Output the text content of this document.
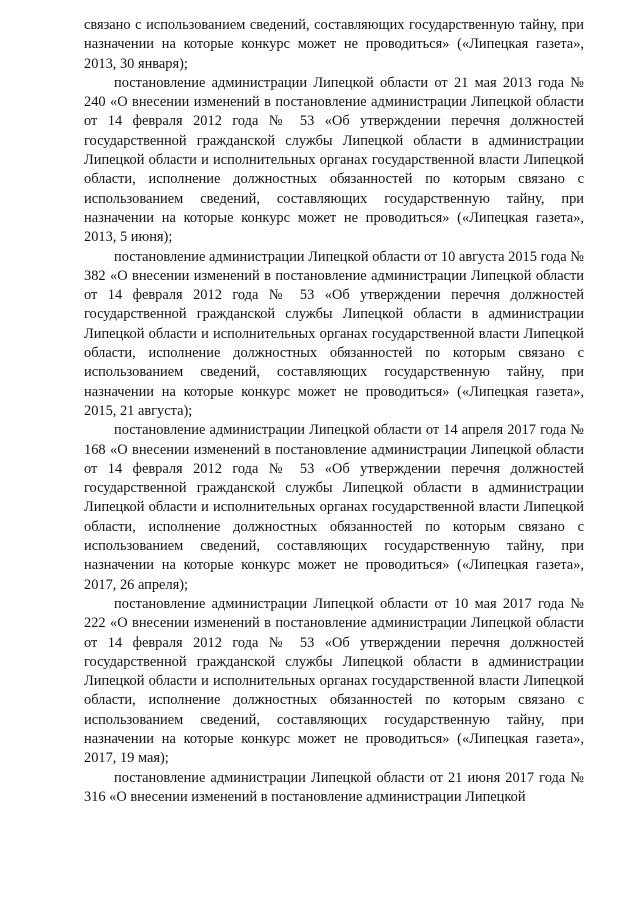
связано с использованием сведений, составляющих государственную тайну, при назначении на которые конкурс может не проводиться» («Липецкая газета», 2013, 30 января);

постановление администрации Липецкой области от 21 мая 2013 года № 240 «О внесении изменений в постановление администрации Липецкой области от 14 февраля 2012 года № 53 «Об утверждении перечня должностей государственной гражданской службы Липецкой области в администрации Липецкой области и исполнительных органах государственной власти Липецкой области, исполнение должностных обязанностей по которым связано с использованием сведений, составляющих государственную тайну, при назначении на которые конкурс может не проводиться» («Липецкая газета», 2013, 5 июня);

постановление администрации Липецкой области от 10 августа 2015 года № 382 «О внесении изменений в постановление администрации Липецкой области от 14 февраля 2012 года № 53 «Об утверждении перечня должностей государственной гражданской службы Липецкой области в администрации Липецкой области и исполнительных органах государственной власти Липецкой области, исполнение должностных обязанностей по которым связано с использованием сведений, составляющих государственную тайну, при назначении на которые конкурс может не проводиться» («Липецкая газета», 2015, 21 августа);

постановление администрации Липецкой области от 14 апреля 2017 года № 168 «О внесении изменений в постановление администрации Липецкой области от 14 февраля 2012 года № 53 «Об утверждении перечня должностей государственной гражданской службы Липецкой области в администрации Липецкой области и исполнительных органах государственной власти Липецкой области, исполнение должностных обязанностей по которым связано с использованием сведений, составляющих государственную тайну, при назначении на которые конкурс может не проводиться» («Липецкая газета», 2017, 26 апреля);

постановление администрации Липецкой области от 10 мая 2017 года № 222 «О внесении изменений в постановление администрации Липецкой области от 14 февраля 2012 года № 53 «Об утверждении перечня должностей государственной гражданской службы Липецкой области в администрации Липецкой области и исполнительных органах государственной власти Липецкой области, исполнение должностных обязанностей по которым связано с использованием сведений, составляющих государственную тайну, при назначении на которые конкурс может не проводиться» («Липецкая газета», 2017, 19 мая);

постановление администрации Липецкой области от 21 июня 2017 года № 316 «О внесении изменений в постановление администрации Липецкой
